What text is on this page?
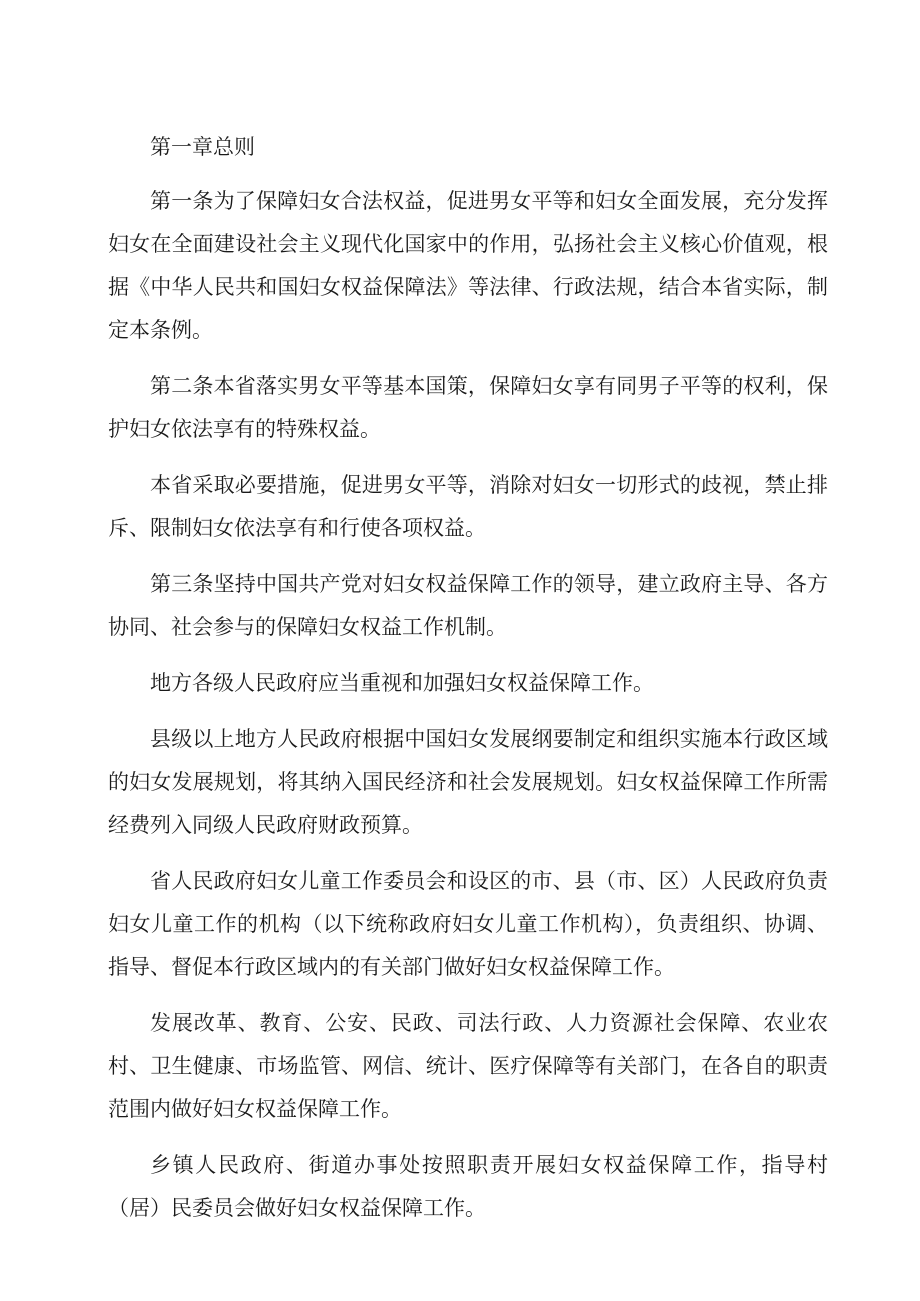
第一章总则

第一条为了保障妇女合法权益，促进男女平等和妇女全面发展，充分发挥妇女在全面建设社会主义现代化国家中的作用，弘扬社会主义核心价值观，根据《中华人民共和国妇女权益保障法》等法律、行政法规，结合本省实际，制定本条例。

第二条本省落实男女平等基本国策，保障妇女享有同男子平等的权利，保护妇女依法享有的特殊权益。

本省采取必要措施，促进男女平等，消除对妇女一切形式的歧视，禁止排斥、限制妇女依法享有和行使各项权益。

第三条坚持中国共产党对妇女权益保障工作的领导，建立政府主导、各方协同、社会参与的保障妇女权益工作机制。

地方各级人民政府应当重视和加强妇女权益保障工作。

县级以上地方人民政府根据中国妇女发展纲要制定和组织实施本行政区域的妇女发展规划，将其纳入国民经济和社会发展规划。妇女权益保障工作所需经费列入同级人民政府财政预算。

省人民政府妇女儿童工作委员会和设区的市、县（市、区）人民政府负责妇女儿童工作的机构（以下统称政府妇女儿童工作机构），负责组织、协调、指导、督促本行政区域内的有关部门做好妇女权益保障工作。

发展改革、教育、公安、民政、司法行政、人力资源社会保障、农业农村、卫生健康、市场监管、网信、统计、医疗保障等有关部门，在各自的职责范围内做好妇女权益保障工作。

乡镇人民政府、街道办事处按照职责开展妇女权益保障工作，指导村（居）民委员会做好妇女权益保障工作。
